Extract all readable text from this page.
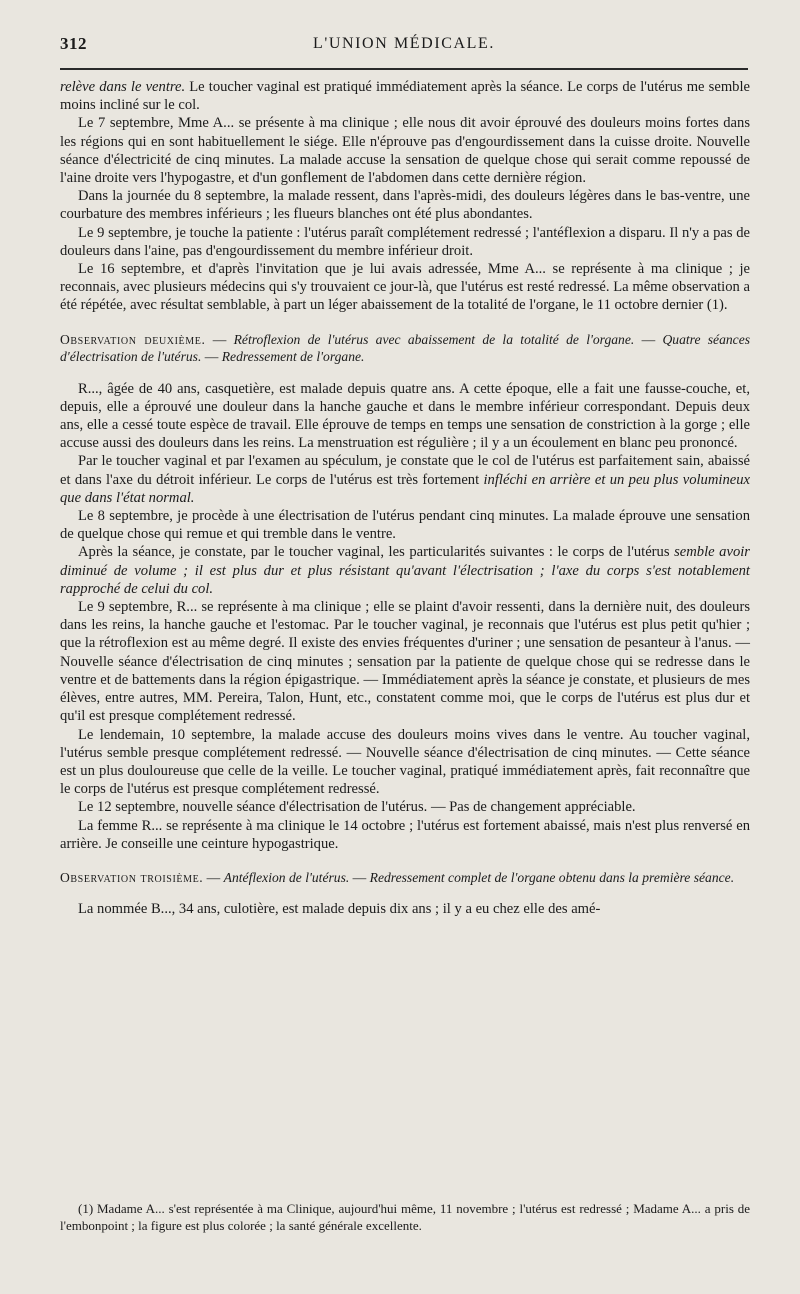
312	L'UNION MÉDICALE.

relève dans le ventre. Le toucher vaginal est pratiqué immédiatement après la séance. Le corps de l'utérus me semble moins incliné sur le col.

Le 7 septembre, Mme A... se présente à ma clinique ; elle nous dit avoir éprouvé des douleurs moins fortes dans les régions qui en sont habituellement le siége. Elle n'éprouve pas d'engourdissement dans la cuisse droite. Nouvelle séance d'électricité de cinq minutes. La malade accuse la sensation de quelque chose qui serait comme repoussé de l'aine droite vers l'hypogastre, et d'un gonflement de l'abdomen dans cette dernière région.

Dans la journée du 8 septembre, la malade ressent, dans l'après-midi, des douleurs légères dans le bas-ventre, une courbature des membres inférieurs ; les flueurs blanches ont été plus abondantes.

Le 9 septembre, je touche la patiente : l'utérus paraît complétement redressé ; l'antéflexion a disparu. Il n'y a pas de douleurs dans l'aine, pas d'engourdissement du membre inférieur droit.

Le 16 septembre, et d'après l'invitation que je lui avais adressée, Mme A... se représente à ma clinique ; je reconnais, avec plusieurs médecins qui s'y trouvaient ce jour-là, que l'utérus est resté redressé. La même observation a été répétée, avec résultat semblable, à part un léger abaissement de la totalité de l'organe, le 11 octobre dernier (1).

Observation deuxième. — Rétroflexion de l'utérus avec abaissement de la totalité de l'organe. — Quatre séances d'électrisation de l'utérus. — Redressement de l'organe.

R..., âgée de 40 ans, casquetière, est malade depuis quatre ans. A cette époque, elle a fait une fausse-couche, et, depuis, elle a éprouvé une douleur dans la hanche gauche et dans le membre inférieur correspondant. Depuis deux ans, elle a cessé toute espèce de travail. Elle éprouve de temps en temps une sensation de constriction à la gorge ; elle accuse aussi des douleurs dans les reins. La menstruation est régulière ; il y a un écoulement en blanc peu prononcé.

Par le toucher vaginal et par l'examen au spéculum, je constate que le col de l'utérus est parfaitement sain, abaissé et dans l'axe du détroit inférieur. Le corps de l'utérus est très fortement infléchi en arrière et un peu plus volumineux que dans l'état normal.

Le 8 septembre, je procède à une électrisation de l'utérus pendant cinq minutes. La malade éprouve une sensation de quelque chose qui remue et qui tremble dans le ventre.

Après la séance, je constate, par le toucher vaginal, les particularités suivantes : le corps de l'utérus semble avoir diminué de volume ; il est plus dur et plus résistant qu'avant l'électrisation ; l'axe du corps s'est notablement rapproché de celui du col.

Le 9 septembre, R... se représente à ma clinique ; elle se plaint d'avoir ressenti, dans la dernière nuit, des douleurs dans les reins, la hanche gauche et l'estomac. Par le toucher vaginal, je reconnais que l'utérus est plus petit qu'hier ; que la rétroflexion est au même degré. Il existe des envies fréquentes d'uriner ; une sensation de pesanteur à l'anus. — Nouvelle séance d'électrisation de cinq minutes ; sensation par la patiente de quelque chose qui se redresse dans le ventre et de battements dans la région épigastrique. — Immédiatement après la séance je constate, et plusieurs de mes élèves, entre autres, MM. Pereira, Talon, Hunt, etc., constatent comme moi, que le corps de l'utérus est plus dur et qu'il est presque complétement redressé.

Le lendemain, 10 septembre, la malade accuse des douleurs moins vives dans le ventre. Au toucher vaginal, l'utérus semble presque complétement redressé. — Nouvelle séance d'électrisation de cinq minutes. — Cette séance est un plus douloureuse que celle de la veille. Le toucher vaginal, pratiqué immédiatement après, fait reconnaître que le corps de l'utérus est presque complétement redressé.

Le 12 septembre, nouvelle séance d'électrisation de l'utérus. — Pas de changement appréciable.

La femme R... se représente à ma clinique le 14 octobre ; l'utérus est fortement abaissé, mais n'est plus renversé en arrière. Je conseille une ceinture hypogastrique.

Observation troisième. — Antéflexion de l'utérus. — Redressement complet de l'organe obtenu dans la première séance.

La nommée B..., 34 ans, culotière, est malade depuis dix ans ; il y a eu chez elle des amé-

(1) Madame A... s'est représentée à ma Clinique, aujourd'hui même, 11 novembre ; l'utérus est redressé ; Madame A... a pris de l'embonpoint ; la figure est plus colorée ; la santé générale excellente.
